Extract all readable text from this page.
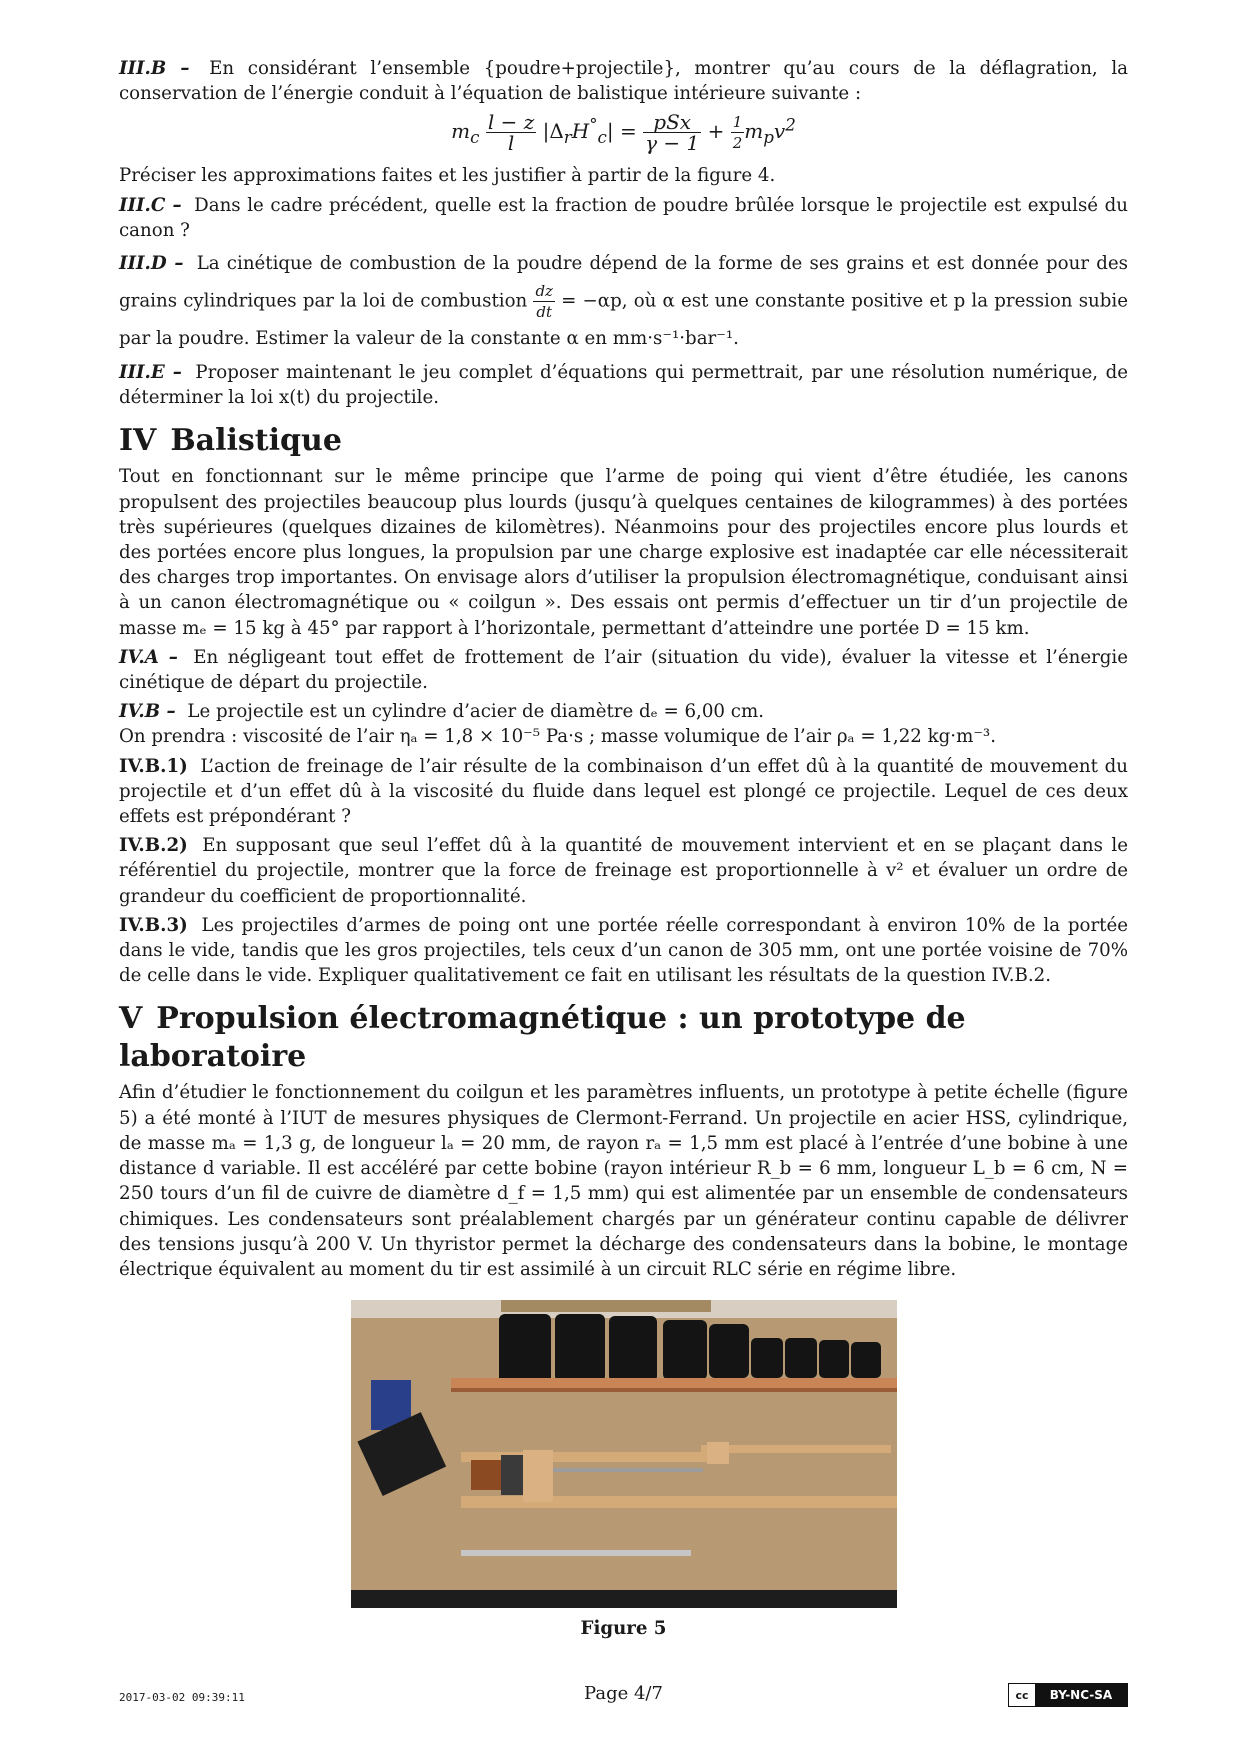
III.B – En considérant l’ensemble {poudre+projectile}, montrer qu’au cours de la déflagration, la conservation de l’énergie conduit à l’équation de balistique intérieure suivante :

$m_c \frac{l - z}{l} |\Delta_rH^\circ_c| = \frac{\text{pSx}}{\gamma - 1} + \frac{1}{2} m_pv^2$

Préciser les approximations faites et les justifier à partir de la figure 4.

III.C – Dans le cadre précédent, quelle est la fraction de poudre brûlée lorsque le projectile est expulsé du canon ?

III.D – La cinétique de combustion de la poudre dépend de la forme de ses grains et est donnée pour des grains cylindriques par la loi de combustion $\frac{dz}{dt} = -\alpha p$, où α est une constante positive et p la pression subie par la poudre. Estimer la valeur de la constante α en mm·s⁻¹·bar⁻¹.

III.E – Proposer maintenant le jeu complet d’équations qui permettrait, par une résolution numérique, de déterminer la loi x(t) du projectile.

IV Balistique

Tout en fonctionnant sur le même principe que l’arme de poing qui vient d’être étudiée, les canons propulsent des projectiles beaucoup plus lourds (jusqu’à quelques centaines de kilogrammes) à des portées très supérieures (quelques dizaines de kilomètres). Néanmoins pour des projectiles encore plus lourds et des portées encore plus longues, la propulsion par une charge explosive est inadaptée car elle nécessiterait des charges trop importantes. On envisage alors d’utiliser la propulsion électromagnétique, conduisant ainsi à un canon électromagnétique ou « coilgun ». Des essais ont permis d’effectuer un tir d’un projectile de masse mₑ = 15 kg à 45° par rapport à l’horizontale, permettant d’atteindre une portée D = 15 km.

IV.A – En négligeant tout effet de frottement de l’air (situation du vide), évaluer la vitesse et l’énergie cinétique de départ du projectile.

IV.B – Le projectile est un cylindre d’acier de diamètre dₑ = 6,00 cm.

On prendra : viscosité de l’air ηₐ = 1,8 × 10⁻⁵ Pa·s ; masse volumique de l’air ρₐ = 1,22 kg·m⁻³.

IV.B.1) L’action de freinage de l’air résulte de la combinaison d’un effet dû à la quantité de mouvement du projectile et d’un effet dû à la viscosité du fluide dans lequel est plongé ce projectile. Lequel de ces deux effets est prépondérant ?

IV.B.2) En supposant que seul l’effet dû à la quantité de mouvement intervient et en se plaçant dans le référentiel du projectile, montrer que la force de freinage est proportionnelle à v² et évaluer un ordre de grandeur du coefficient de proportionnalité.

IV.B.3) Les projectiles d’armes de poing ont une portée réelle correspondant à environ 10% de la portée dans le vide, tandis que les gros projectiles, tels ceux d’un canon de 305 mm, ont une portée voisine de 70% de celle dans le vide. Expliquer qualitativement ce fait en utilisant les résultats de la question IV.B.2.

V Propulsion électromagnétique : un prototype de laboratoire

Afin d’étudier le fonctionnement du coilgun et les paramètres influents, un prototype à petite échelle (figure 5) a été monté à l’IUT de mesures physiques de Clermont-Ferrand. Un projectile en acier HSS, cylindrique, de masse mₐ = 1,3 g, de longueur lₐ = 20 mm, de rayon rₐ = 1,5 mm est placé à l’entrée d’une bobine à une distance d variable. Il est accéléré par cette bobine (rayon intérieur R_b = 6 mm, longueur L_b = 6 cm, N = 250 tours d’un fil de cuivre de diamètre d_f = 1,5 mm) qui est alimentée par un ensemble de condensateurs chimiques. Les condensateurs sont préalablement chargés par un générateur continu capable de délivrer des tensions jusqu’à 200 V. Un thyristor permet la décharge des condensateurs dans la bobine, le montage électrique équivalent au moment du tir est assimilé à un circuit RLC série en régime libre.

Figure 5
2017-03-02 09:39:11	Page 4/7	cc	BY-NC-SA
